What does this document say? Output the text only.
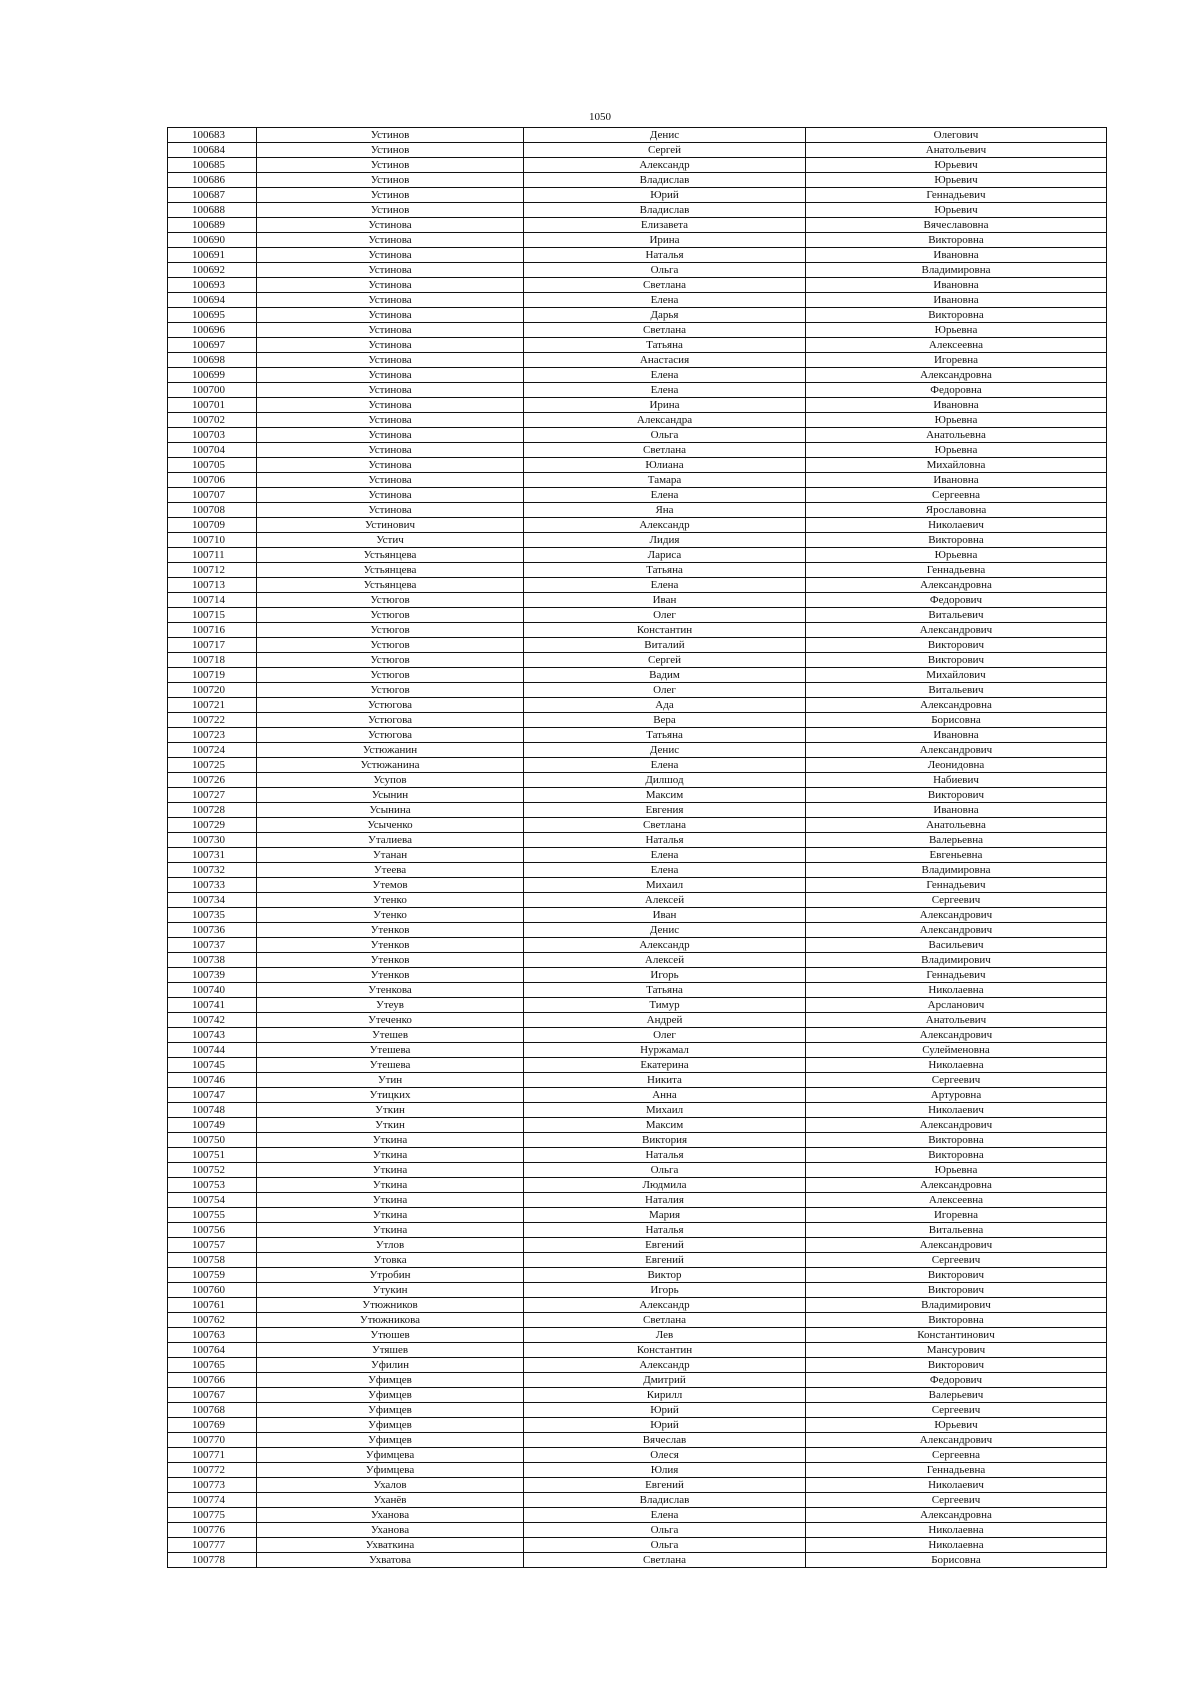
1050
100683	Устинов	Денис	Олегович
100684	Устинов	Сергей	Анатольевич
100685	Устинов	Александр	Юрьевич
100686	Устинов	Владислав	Юрьевич
100687	Устинов	Юрий	Геннадьевич
100688	Устинов	Владислав	Юрьевич
100689	Устинова	Елизавета	Вячеславовна
100690	Устинова	Ирина	Викторовна
100691	Устинова	Наталья	Ивановна
100692	Устинова	Ольга	Владимировна
100693	Устинова	Светлана	Ивановна
100694	Устинова	Елена	Ивановна
100695	Устинова	Дарья	Викторовна
100696	Устинова	Светлана	Юрьевна
100697	Устинова	Татьяна	Алексеевна
100698	Устинова	Анастасия	Игоревна
100699	Устинова	Елена	Александровна
100700	Устинова	Елена	Федоровна
100701	Устинова	Ирина	Ивановна
100702	Устинова	Александра	Юрьевна
100703	Устинова	Ольга	Анатольевна
100704	Устинова	Светлана	Юрьевна
100705	Устинова	Юлиана	Михайловна
100706	Устинова	Тамара	Ивановна
100707	Устинова	Елена	Сергеевна
100708	Устинова	Яна	Ярославовна
100709	Устинович	Александр	Николаевич
100710	Устич	Лидия	Викторовна
100711	Устьянцева	Лариса	Юрьевна
100712	Устьянцева	Татьяна	Геннадьевна
100713	Устьянцева	Елена	Александровна
100714	Устюгов	Иван	Федорович
100715	Устюгов	Олег	Витальевич
100716	Устюгов	Константин	Александрович
100717	Устюгов	Виталий	Викторович
100718	Устюгов	Сергей	Викторович
100719	Устюгов	Вадим	Михайлович
100720	Устюгов	Олег	Витальевич
100721	Устюгова	Ада	Александровна
100722	Устюгова	Вера	Борисовна
100723	Устюгова	Татьяна	Ивановна
100724	Устюжанин	Денис	Александрович
100725	Устюжанина	Елена	Леонидовна
100726	Усупов	Дилшод	Набиевич
100727	Усынин	Максим	Викторович
100728	Усынина	Евгения	Ивановна
100729	Усыченко	Светлана	Анатольевна
100730	Уталиева	Наталья	Валерьевна
100731	Утанан	Елена	Евгеньевна
100732	Утеева	Елена	Владимировна
100733	Утемов	Михаил	Геннадьевич
100734	Утенко	Алексей	Сергеевич
100735	Утенко	Иван	Александрович
100736	Утенков	Денис	Александрович
100737	Утенков	Александр	Васильевич
100738	Утенков	Алексей	Владимирович
100739	Утенков	Игорь	Геннадьевич
100740	Утенкова	Татьяна	Николаевна
100741	Утеув	Тимур	Арсланович
100742	Утеченко	Андрей	Анатольевич
100743	Утешев	Олег	Александрович
100744	Утешева	Нуржамал	Сулейменовна
100745	Утешева	Екатерина	Николаевна
100746	Утин	Никита	Сергеевич
100747	Утицких	Анна	Артуровна
100748	Уткин	Михаил	Николаевич
100749	Уткин	Максим	Александрович
100750	Уткина	Виктория	Викторовна
100751	Уткина	Наталья	Викторовна
100752	Уткина	Ольга	Юрьевна
100753	Уткина	Людмила	Александровна
100754	Уткина	Наталия	Алексеевна
100755	Уткина	Мария	Игоревна
100756	Уткина	Наталья	Витальевна
100757	Утлов	Евгений	Александрович
100758	Утовка	Евгений	Сергеевич
100759	Утробин	Виктор	Викторович
100760	Утукин	Игорь	Викторович
100761	Утюжников	Александр	Владимирович
100762	Утюжникова	Светлана	Викторовна
100763	Утюшев	Лев	Константинович
100764	Утяшев	Константин	Мансурович
100765	Уфилин	Александр	Викторович
100766	Уфимцев	Дмитрий	Федорович
100767	Уфимцев	Кирилл	Валерьевич
100768	Уфимцев	Юрий	Сергеевич
100769	Уфимцев	Юрий	Юрьевич
100770	Уфимцев	Вячеслав	Александрович
100771	Уфимцева	Олеся	Сергеевна
100772	Уфимцева	Юлия	Геннадьевна
100773	Ухалов	Евгений	Николаевич
100774	Уханёв	Владислав	Сергеевич
100775	Уханова	Елена	Александровна
100776	Уханова	Ольга	Николаевна
100777	Ухваткина	Ольга	Николаевна
100778	Ухватова	Светлана	Борисовна
